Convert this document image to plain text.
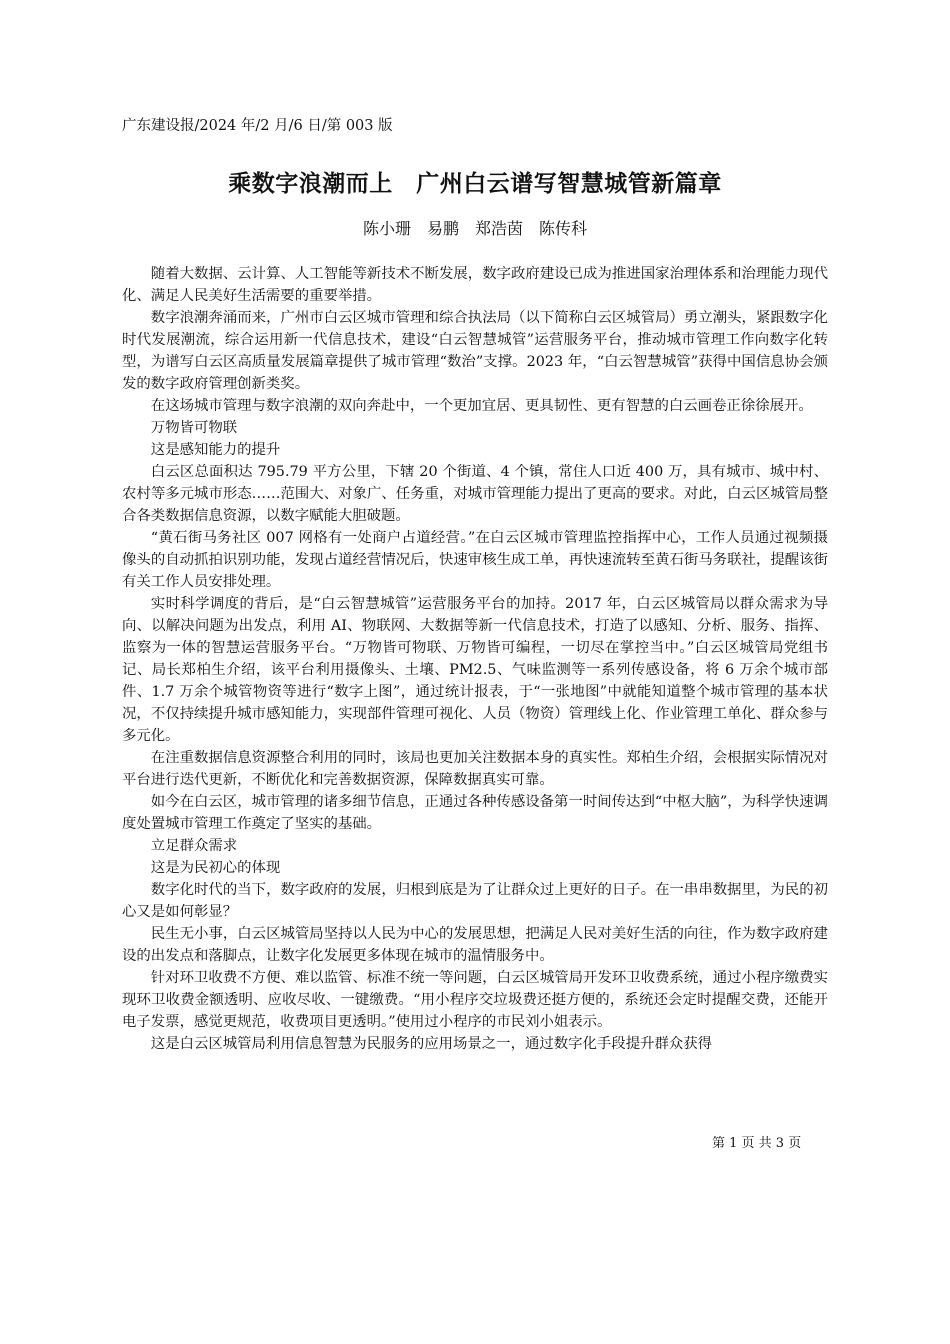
广东建设报/2024 年/2 月/6 日/第 003 版
乘数字浪潮而上　广州白云谱写智慧城管新篇章
陈小珊　易鹏　郑浩茵　陈传科

随着大数据、云计算、人工智能等新技术不断发展，数字政府建设已成为推进国家治理体系和治理能力现代化、满足人民美好生活需要的重要举措。

数字浪潮奔涌而来，广州市白云区城市管理和综合执法局（以下简称白云区城管局）勇立潮头，紧跟数字化时代发展潮流，综合运用新一代信息技术，建设“白云智慧城管”运营服务平台，推动城市管理工作向数字化转型，为谱写白云区高质量发展篇章提供了城市管理“数治”支撑。2023 年，“白云智慧城管”获得中国信息协会颁发的数字政府管理创新类奖。

在这场城市管理与数字浪潮的双向奔赴中，一个更加宜居、更具韧性、更有智慧的白云画卷正徐徐展开。

万物皆可物联

这是感知能力的提升

白云区总面积达 795.79 平方公里，下辖 20 个街道、4 个镇，常住人口近 400 万，具有城市、城中村、农村等多元城市形态……范围大、对象广、任务重，对城市管理能力提出了更高的要求。对此，白云区城管局整合各类数据信息资源，以数字赋能大胆破题。

“黄石街马务社区 007 网格有一处商户占道经营。”在白云区城市管理监控指挥中心，工作人员通过视频摄像头的自动抓拍识别功能，发现占道经营情况后，快速审核生成工单，再快速流转至黄石街马务联社，提醒该街有关工作人员安排处理。

实时科学调度的背后，是“白云智慧城管”运营服务平台的加持。2017 年，白云区城管局以群众需求为导向、以解决问题为出发点，利用 AI、物联网、大数据等新一代信息技术，打造了以感知、分析、服务、指挥、监察为一体的智慧运营服务平台。“万物皆可物联、万物皆可编程，一切尽在掌控当中。”白云区城管局党组书记、局长郑柏生介绍，该平台利用摄像头、土壤、PM2.5、气味监测等一系列传感设备，将 6 万余个城市部件、1.7 万余个城管物资等进行“数字上图”，通过统计报表，于“一张地图”中就能知道整个城市管理的基本状况，不仅持续提升城市感知能力，实现部件管理可视化、人员（物资）管理线上化、作业管理工单化、群众参与多元化。

在注重数据信息资源整合利用的同时，该局也更加关注数据本身的真实性。郑柏生介绍，会根据实际情况对平台进行迭代更新，不断优化和完善数据资源，保障数据真实可靠。

如今在白云区，城市管理的诸多细节信息，正通过各种传感设备第一时间传达到“中枢大脑”，为科学快速调度处置城市管理工作奠定了坚实的基础。

立足群众需求

这是为民初心的体现

数字化时代的当下，数字政府的发展，归根到底是为了让群众过上更好的日子。在一串串数据里，为民的初心又是如何彰显？

民生无小事，白云区城管局坚持以人民为中心的发展思想，把满足人民对美好生活的向往，作为数字政府建设的出发点和落脚点，让数字化发展更多体现在城市的温情服务中。

针对环卫收费不方便、难以监管、标准不统一等问题，白云区城管局开发环卫收费系统，通过小程序缴费实现环卫收费金额透明、应收尽收、一键缴费。“用小程序交垃圾费还挺方便的，系统还会定时提醒交费，还能开电子发票，感觉更规范，收费项目更透明。”使用过小程序的市民刘小姐表示。

这是白云区城管局利用信息智慧为民服务的应用场景之一，通过数字化手段提升群众获得

第 1 页 共 3 页
